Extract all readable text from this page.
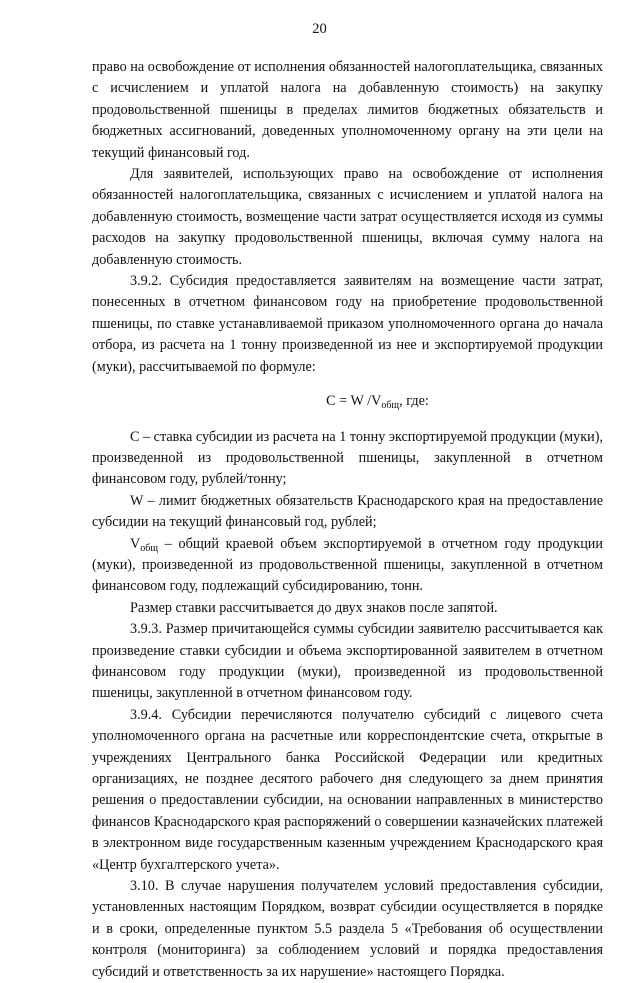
20

право на освобождение от исполнения обязанностей налогоплательщика, связанных с исчислением и уплатой налога на добавленную стоимость) на закупку продовольственной пшеницы в пределах лимитов бюджетных обязательств и бюджетных ассигнований, доведенных уполномоченному органу на эти цели на текущий финансовый год.

Для заявителей, использующих право на освобождение от исполнения обязанностей налогоплательщика, связанных с исчислением и уплатой налога на добавленную стоимость, возмещение части затрат осуществляется исходя из суммы расходов на закупку продовольственной пшеницы, включая сумму налога на добавленную стоимость.

3.9.2. Субсидия предоставляется заявителям на возмещение части затрат, понесенных в отчетном финансовом году на приобретение продовольственной пшеницы, по ставке устанавливаемой приказом уполномоченного органа до начала отбора, из расчета на 1 тонну произведенной из нее и экспортируемой продукции (муки), рассчитываемой по формуле:

C = W $/V_{общ}$, где:

C – ставка субсидии из расчета на 1 тонну экспортируемой продукции (муки), произведенной из продовольственной пшеницы, закупленной в отчетном финансовом году, рублей/тонну;

W – лимит бюджетных обязательств Краснодарского края на предоставление субсидии на текущий финансовый год, рублей;

$V_{общ}$ – общий краевой объем экспортируемой в отчетном году продукции (муки), произведенной из продовольственной пшеницы, закупленной в отчетном финансовом году, подлежащий субсидированию, тонн.

Размер ставки рассчитывается до двух знаков после запятой.

3.9.3. Размер причитающейся суммы субсидии заявителю рассчитывается как произведение ставки субсидии и объема экспортированной заявителем в отчетном финансовом году продукции (муки), произведенной из продовольственной пшеницы, закупленной в отчетном финансовом году.

3.9.4. Субсидии перечисляются получателю субсидий с лицевого счета уполномоченного органа на расчетные или корреспондентские счета, открытые в учреждениях Центрального банка Российской Федерации или кредитных организациях, не позднее десятого рабочего дня следующего за днем принятия решения о предоставлении субсидии, на основании направленных в министерство финансов Краснодарского края распоряжений о совершении казначейских платежей в электронном виде государственным казенным учреждением Краснодарского края «Центр бухгалтерского учета».

3.10. В случае нарушения получателем условий предоставления субсидии, установленных настоящим Порядком, возврат субсидии осуществляется в порядке и в сроки, определенные пунктом 5.5 раздела 5 «Требования об осуществлении контроля (мониторинга) за соблюдением условий и порядка предоставления субсидий и ответственность за их нарушение» настоящего Порядка.
